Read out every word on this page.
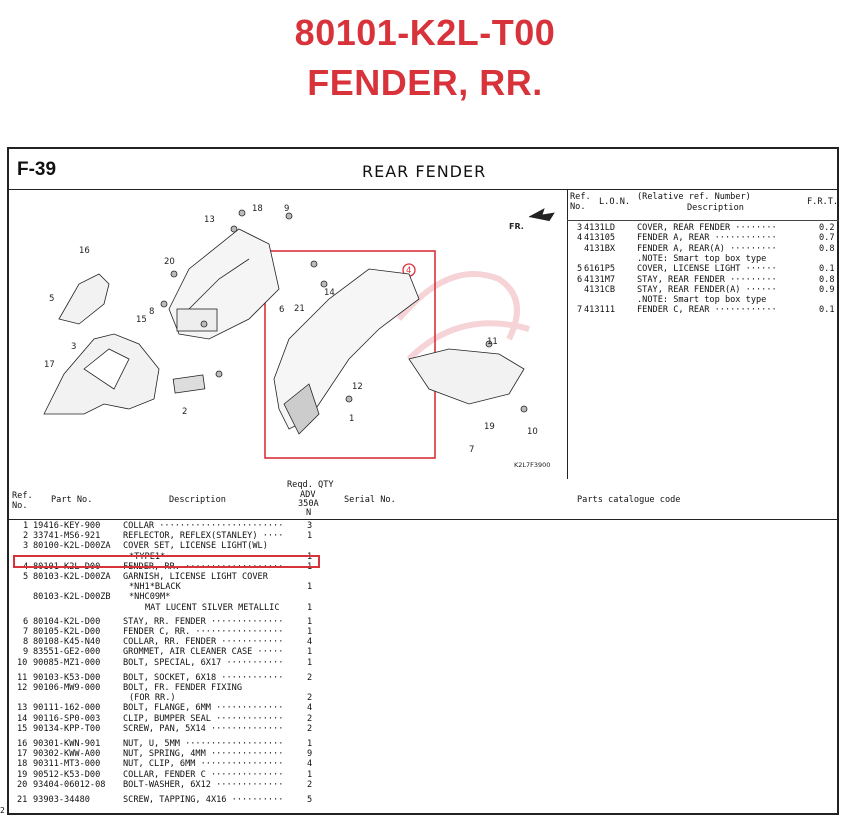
80101-K2L-T00
FENDER, RR.
F-39	REAR FENDER
FR.
1
2
3
4
5
6
7
8
9
10
11
12
13
14
15
16
17
18
19
20
21
K2L7F3900
Ref.
No. L.O.N. (Relative ref. Number)
Description
F.R.T.
3 4131LD	COVER, REAR FENDER ········	0.2
4 413105	FENDER A, REAR ············	0.7
4131BX	FENDER A, REAR(A) ·········	0.8
.NOTE: Smart top box type
5 6161P5	COVER, LICENSE LIGHT ······	0.1
6 4131M7	STAY, REAR FENDER ·········	0.8
4131CB	STAY, REAR FENDER(A) ······	0.9
.NOTE: Smart top box type
7 413111	FENDER C, REAR ············	0.1
Ref.
No.
Part No.	Description
Reqd. QTY
ADV
350A
N
Serial No.	Parts catalogue code
1 19416-KEY-900	COLLAR ························	3
2 33741-MS6-921	REFLECTOR, REFLEX(STANLEY) ····	1
3 80100-K2L-D00ZA COVER SET, LICENSE LIGHT(WL)
*TYPE1*	1
4 80101-K2L-D00	FENDER, RR. ···················	1
5 80103-K2L-D00ZA GARNISH, LICENSE LIGHT COVER
*NH1*BLACK	1
80103-K2L-D00ZB *NHC09M*
MAT LUCENT SILVER METALLIC	1
6 80104-K2L-D00	STAY, RR. FENDER ··············	1
7 80105-K2L-D00	FENDER C, RR. ·················	1
8 80108-K45-N40	COLLAR, RR. FENDER ············	4
9 83551-GE2-000	GROMMET, AIR CLEANER CASE ·····	1
10 90085-MZ1-000	BOLT, SPECIAL, 6X17 ···········	1
11 90103-K53-D00	BOLT, SOCKET, 6X18 ············	2
12 90106-MW9-000	BOLT, FR. FENDER FIXING
(FOR RR.)	2
13 90111-162-000	BOLT, FLANGE, 6MM ·············	4
14 90116-SP0-003	CLIP, BUMPER SEAL ·············	2
15 90134-KPP-T00	SCREW, PAN, 5X14 ··············	2
16 90301-KWN-901	NUT, U, 5MM ···················	1
17 90302-KWW-A00	NUT, SPRING, 4MM ··············	9
18 90311-MT3-000	NUT, CLIP, 6MM ················	4
19 90512-K53-D00	COLLAR, FENDER C ··············	1
20 93404-06012-08 BOLT-WASHER, 6X12 ·············	2
21 93903-34480	SCREW, TAPPING, 4X16 ··········	5
2
